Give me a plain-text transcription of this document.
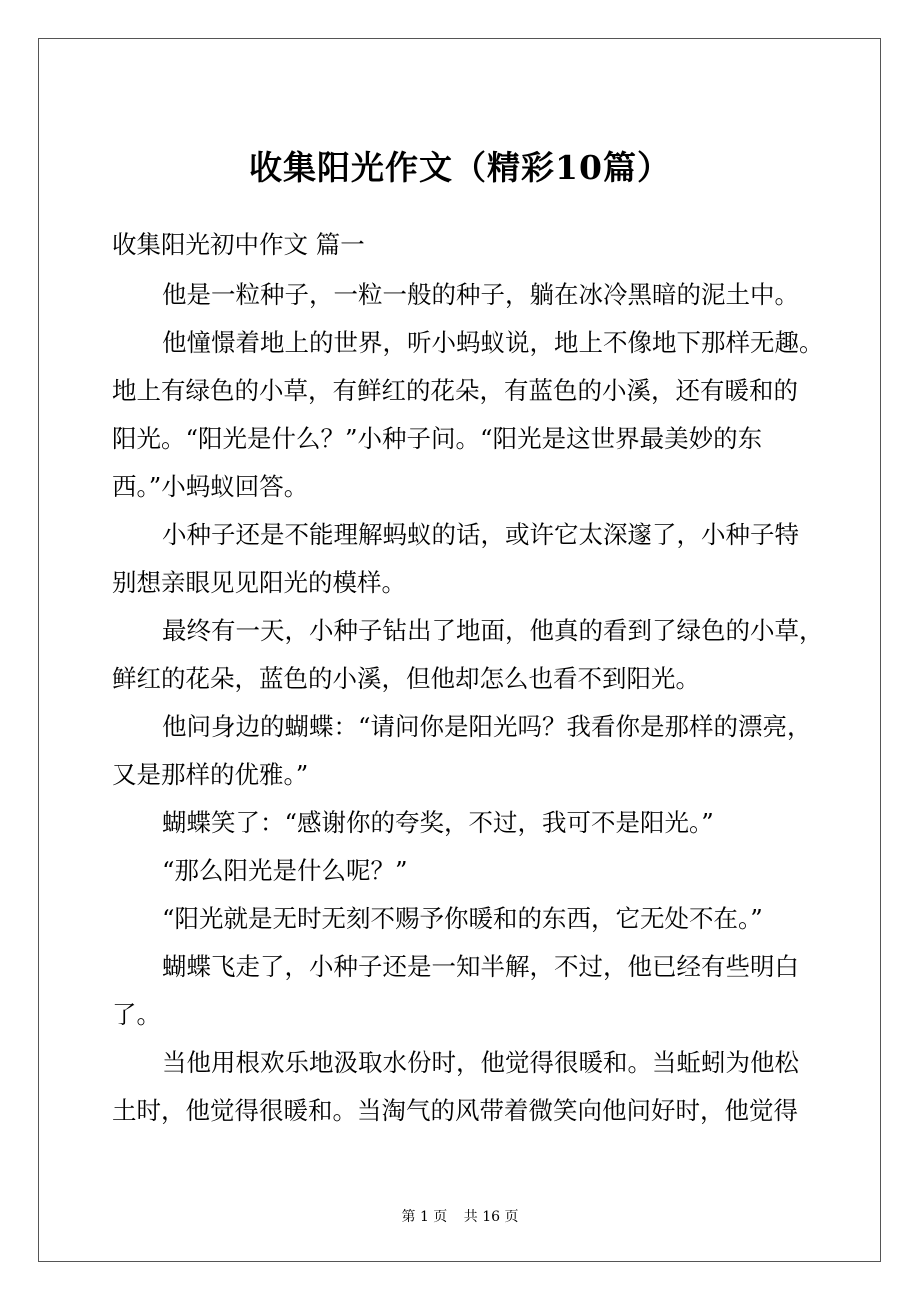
收集阳光作文（精彩10篇）
收集阳光初中作文 篇一
他是一粒种子，一粒一般的种子，躺在冰冷黑暗的泥土中。
他憧憬着地上的世界，听小蚂蚁说，地上不像地下那样无趣。
地上有绿色的小草，有鲜红的花朵，有蓝色的小溪，还有暖和的
阳光。“阳光是什么？”小种子问。“阳光是这世界最美妙的东
西。”小蚂蚁回答。
小种子还是不能理解蚂蚁的话，或许它太深邃了，小种子特
别想亲眼见见阳光的模样。
最终有一天，小种子钻出了地面，他真的看到了绿色的小草，
鲜红的花朵，蓝色的小溪，但他却怎么也看不到阳光。
他问身边的蝴蝶：“请问你是阳光吗？我看你是那样的漂亮，
又是那样的优雅。”
蝴蝶笑了：“感谢你的夸奖，不过，我可不是阳光。”
“那么阳光是什么呢？”
“阳光就是无时无刻不赐予你暖和的东西，它无处不在。”
蝴蝶飞走了，小种子还是一知半解，不过，他已经有些明白
了。
当他用根欢乐地汲取水份时，他觉得很暖和。当蚯蚓为他松
土时，他觉得很暖和。当淘气的风带着微笑向他问好时，他觉得
第 1 页 共 16 页
